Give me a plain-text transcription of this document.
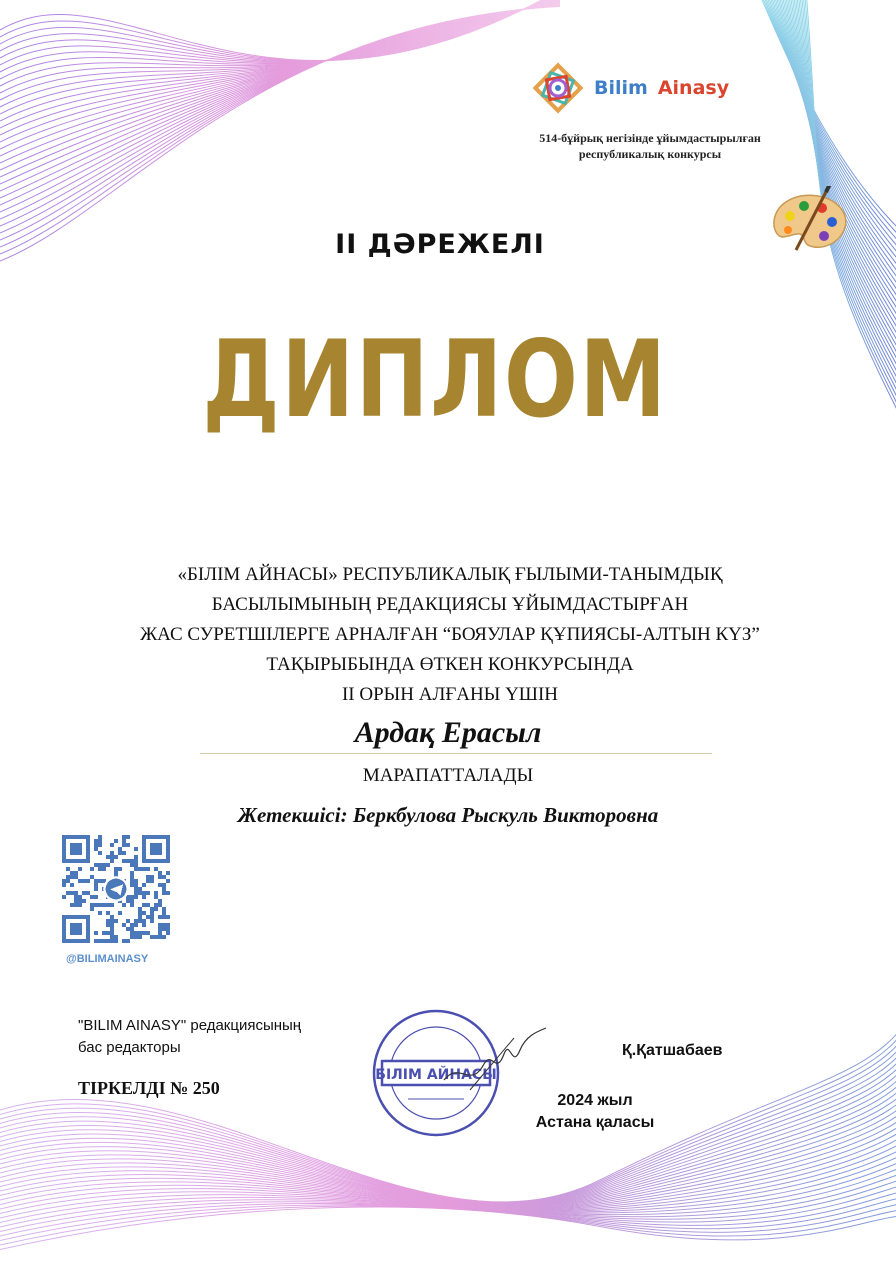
Bilim Ainasy
514-бұйрық негізінде ұйымдастырылған
республикалық конкурсы
II ДӘРЕЖЕЛІ
ДИПЛОМ
«БІЛІМ АЙНАСЫ» РЕСПУБЛИКАЛЫҚ ҒЫЛЫМИ-ТАНЫМДЫҚ
БАСЫЛЫМЫНЫҢ РЕДАКЦИЯСЫ ҰЙЫМДАСТЫРҒАН
ЖАС СУРЕТШІЛЕРГЕ АРНАЛҒАН “БОЯУЛАР ҚҰПИЯСЫ-АЛТЫН КҮЗ”
ТАҚЫРЫБЫНДА ӨТКЕН КОНКУРСЫНДА
II ОРЫН АЛҒАНЫ ҮШІН
Ардақ Ерасыл
МАРАПАТТАЛАДЫ
Жетекшісі: Беркбулова Рыскуль Викторовна
@BILIMAINASY
"BILIM AINASY" редакциясының
бас редакторы
ТІРКЕЛДІ № 250
БІЛІМ АЙНАСЫ
Қ.Қатшабаев
2024 жыл
Астана қаласы
